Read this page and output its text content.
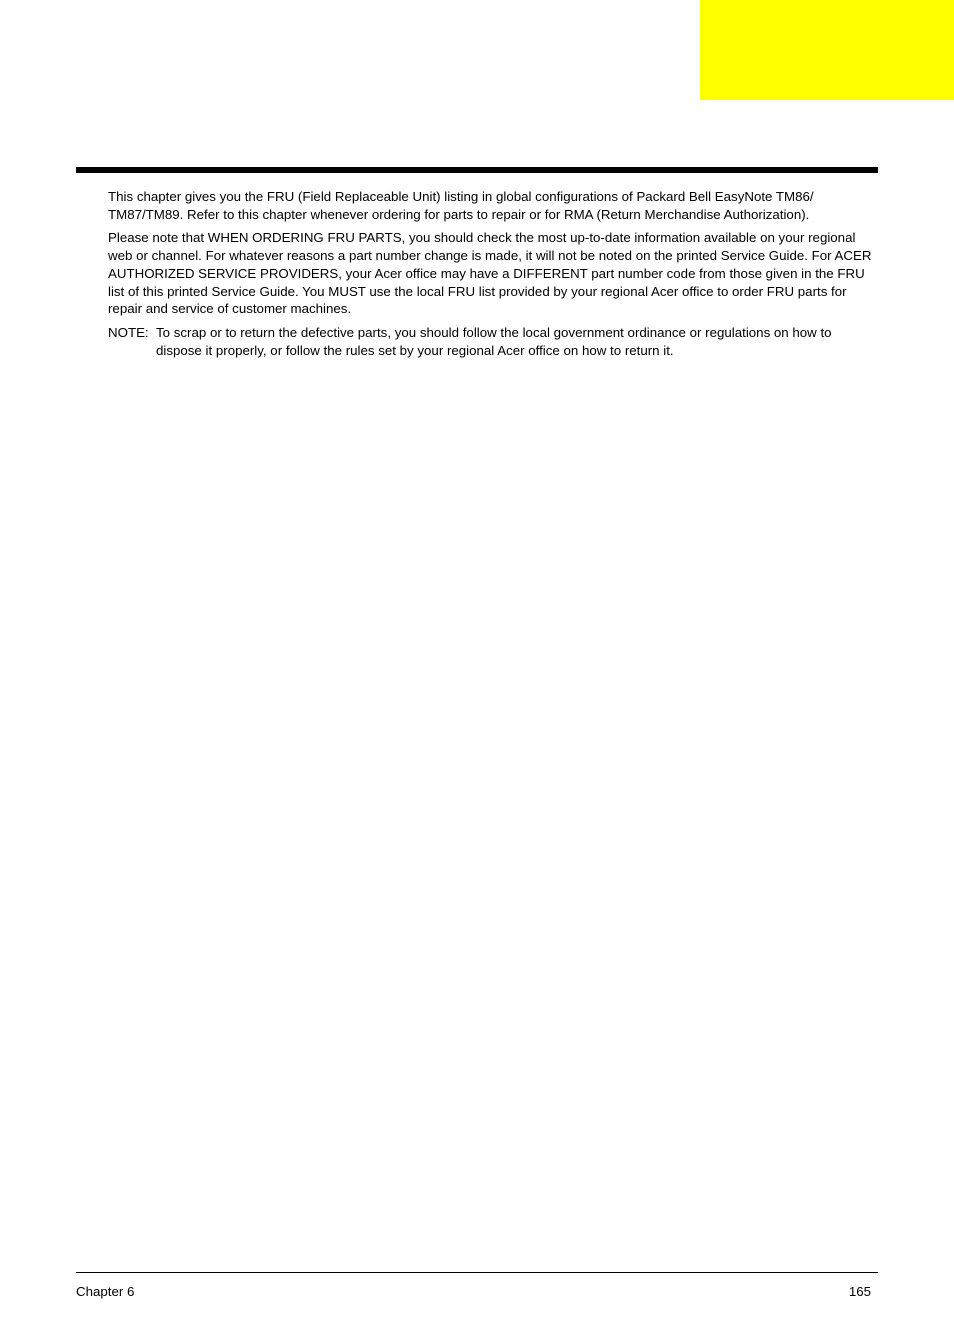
This chapter gives you the FRU (Field Replaceable Unit) listing in global configurations of Packard Bell EasyNote TM86/ TM87/TM89. Refer to this chapter whenever ordering for parts to repair or for RMA (Return Merchandise Authorization).

Please note that WHEN ORDERING FRU PARTS, you should check the most up-to-date information available on your regional web or channel. For whatever reasons a part number change is made, it will not be noted on the printed Service Guide. For ACER AUTHORIZED SERVICE PROVIDERS, your Acer office may have a DIFFERENT part number code from those given in the FRU list of this printed Service Guide. You MUST use the local FRU list provided by your regional Acer office to order FRU parts for repair and service of customer machines.

NOTE: To scrap or to return the defective parts, you should follow the local government ordinance or regulations on how to dispose it properly, or follow the rules set by your regional Acer office on how to return it.
Chapter 6	165
